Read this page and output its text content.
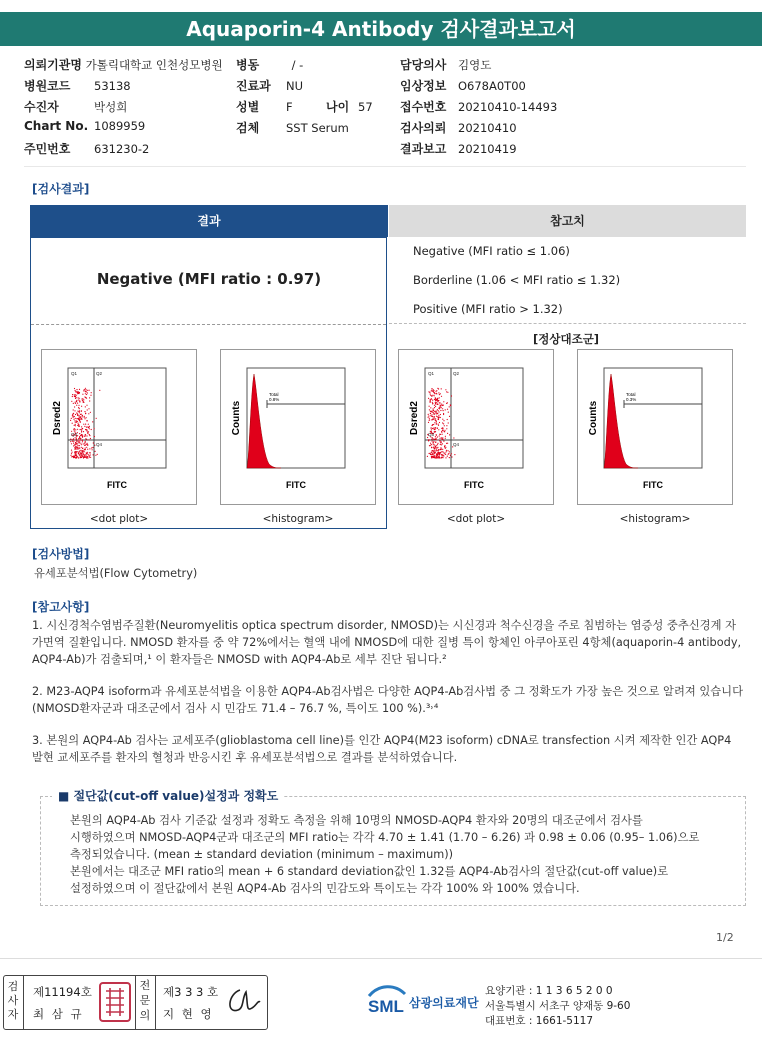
Aquaporin-4 Antibody 검사결과보고서
의뢰기관명 가톨릭대학교 인천성모병원
병원코드 53138
수진자	박성희
Chart No. 1089959
주민번호 631230-2
병동	/ -
진료과 NU
성별 F	나이 57
검체 SST Serum
담당의사 김영도
임상정보 O678A0T00
접수번호 20210410-14493
검사의뢰 20210410
결과보고 20210419
[검사결과]
결과	참고치
Negative (MFI ratio : 0.97)
Negative (MFI ratio ≤ 1.06)
Borderline (1.06 < MFI ratio ≤ 1.32)
Positive (MFI ratio > 1.32)
[정상대조군]
Q1	Q2
Q3
Q4
Dsred2
FITC
Total
0.8%
Counts
FITC
Q1	Q2
Q3
Q4
Dsred2
FITC
Total
0.3%
Counts
FITC
<dot plot>	<histogram>	<dot plot>	<histogram>
[검사방법]
유세포분석법(Flow Cytometry)
[참고사항]
1. 시신경척수염범주질환(Neuromyelitis optica spectrum disorder, NMOSD)는 시신경과 척수신경을 주로 침범하는 염증성 중추신경계 자가면역 질환입니다. NMOSD 환자를 중 약 72%에서는 혈액 내에 NMOSD에 대한 질병 특이 항체인 아쿠아포린 4항체(aquaporin-4 antibody, AQP4-Ab)가 검출되며,¹ 이 환자들은 NMOSD with AQP4-Ab로 세부 진단 됩니다.²
2. M23-AQP4 isoform과 유세포분석법을 이용한 AQP4-Ab검사법은 다양한 AQP4-Ab검사법 중 그 정확도가 가장 높은 것으로 알려져 있습니다(NMOSD환자군과 대조군에서 검사 시 민감도 71.4 – 76.7 %, 특이도 100 %).³˒⁴
3. 본원의 AQP4-Ab 검사는 교세포주(glioblastoma cell line)를 인간 AQP4(M23 isoform) cDNA로 transfection 시켜 제작한 인간 AQP4 발현 교세포주를 환자의 혈청과 반응시킨 후 유세포분석법으로 결과를 분석하였습니다.
■ 절단값(cut-off value)설정과 정확도
본원의 AQP4-Ab 검사 기준값 설정과 정확도 측정을 위해 10명의 NMOSD-AQP4 환자와 20명의 대조군에서 검사를
시행하였으며 NMOSD-AQP4군과 대조군의 MFI ratio는 각각 4.70 ± 1.41 (1.70 – 6.26) 과 0.98 ± 0.06 (0.95– 1.06)으로
측정되었습니다. (mean ± standard deviation (minimum – maximum))
본원에서는 대조군 MFI ratio의 mean + 6 standard deviation값인 1.32를 AQP4-Ab검사의 절단값(cut-off value)로
설정하였으며 이 절단값에서 본원 AQP4-Ab 검사의 민감도와 특이도는 각각 100% 와 100% 였습니다.
1/2
검사자
제11194호
최 삼 규
전문의
제3 3 3 호
지 현 영	SML 삼광의료재단
요양기관 : 1 1 3 6 5 2 0 0
서울특별시 서초구 양재동 9-60
대표번호 : 1661-5117
